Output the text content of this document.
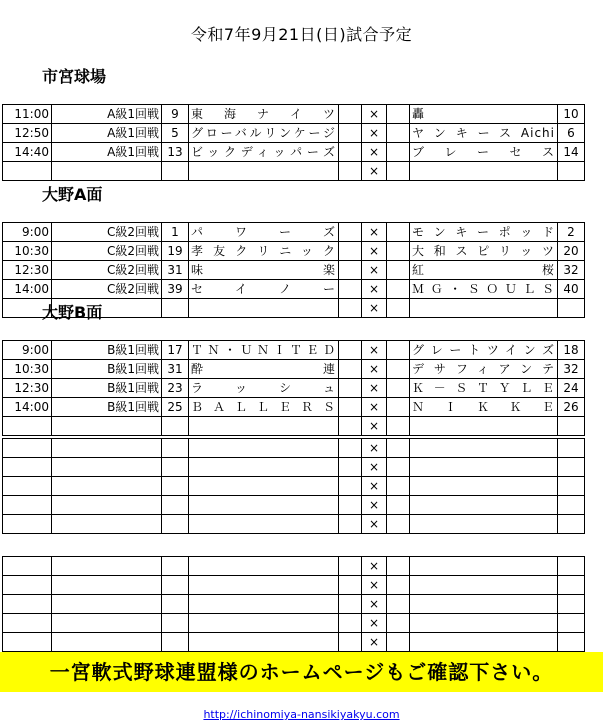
令和7年9月21日(日)試合予定
市宮球場
11:00	A級1回戦	9	東　海　ナ　イ　ツ		×		轟	10
12:50	A級1回戦	5	グローバルリンケージ		×		ヤンキースAichi	6
14:40	A級1回戦	13	ビックディッパーズ		×		ブ　レ　ー　セ　ス	14
					×			
大野A面
9:00	C級2回戦	1	パ　ワ　ー　ズ		×		モンキーポッド	2
10:30	C級2回戦	19	孝友クリニック		×		大和スピリッツ	20
12:30	C級2回戦	31	味　　　　楽		×		紅　　　　桜	32
14:00	C級2回戦	39	セ　イ　ノ　ー		×		ＭＧ・ＳＯＵＬＳ	40
					×			
大野B面
9:00	B級1回戦	17	ＴＮ・ＵＮＩＴＥＤ		×		グレートツインズ	18
10:30	B級1回戦	31	酔　　　　連		×		デサフィアンテ	32
12:30	B級1回戦	23	ラ　ッ　シ　ュ		×		Ｋ－ＳＴＹＬＥ	24
14:00	B級1回戦	25	ＢＡＬＬＥＲＳ		×		ＮＩＫＫＥ	26
					×			
					×			
					×			
					×			
					×			
					×			
					×			
					×			
					×			
					×			
					×			
一宮軟式野球連盟様のホームページもご確認下さい。
http://ichinomiya-nansikiyakyu.com
